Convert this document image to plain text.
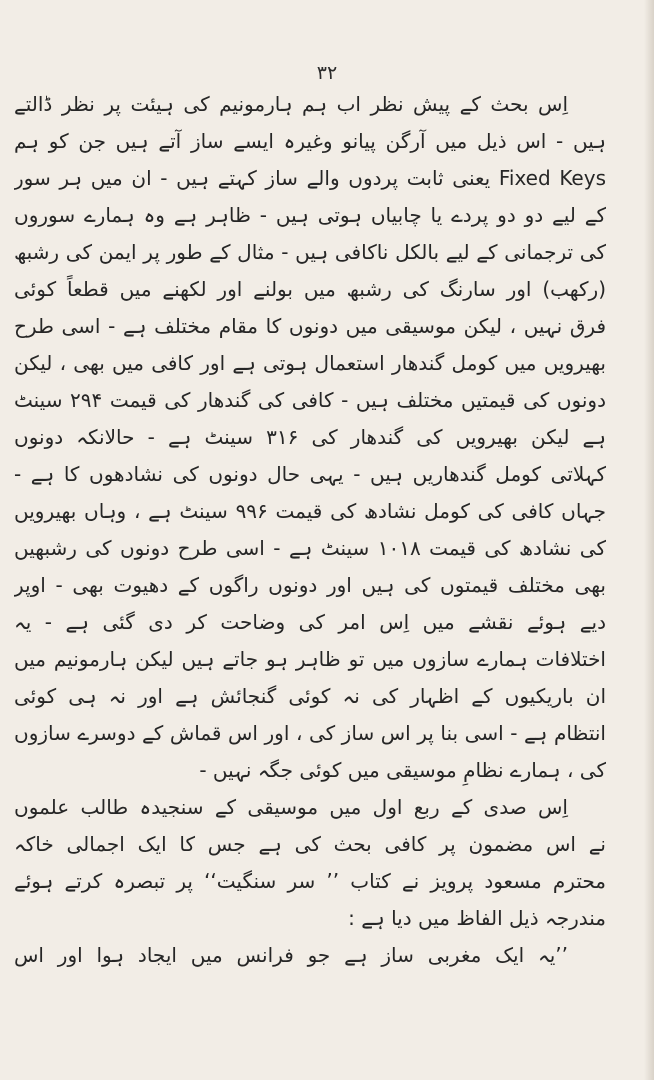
۳۲
اِس بحث کے پیش نظر اب ہم ہارمونیم کی ہیئت پر نظر ڈالتے
ہیں - اس ذیل میں آرگن پیانو وغیرہ ایسے ساز آتے ہیں جن کو ہم
Fixed Keys یعنی ثابت پردوں والے ساز کہتے ہیں - ان میں ہر سور
کے لیے دو دو پردے یا چابیاں ہوتی ہیں - ظاہر ہے وہ ہمارے سوروں
کی ترجمانی کے لیے بالکل ناکافی ہیں - مثال کے طور پر ایمن کی رشبھ
(رکھب) اور سارنگ کی رشبھ میں بولنے اور لکھنے میں قطعاً کوئی
فرق نہیں ، لیکن موسیقی میں دونوں کا مقام مختلف ہے - اسی طرح
بھیرویں میں کومل گندھار استعمال ہوتی ہے اور کافی میں بھی ، لیکن
دونوں کی قیمتیں مختلف ہیں - کافی کی گندھار کی قیمت ۲۹۴ سینٹ
ہے لیکن بھیرویں کی گندھار کی ۳۱۶ سینٹ ہے - حالانکہ دونوں
کہلاتی کومل گندھاریں ہیں - یہی حال دونوں کی نشادھوں کا ہے -
جہاں کافی کی کومل نشادھ کی قیمت ۹۹۶ سینٹ ہے ، وہاں بھیرویں
کی نشادھ کی قیمت ۱۰۱۸ سینٹ ہے - اسی طرح دونوں کی رشبھیں
بھی مختلف قیمتوں کی ہیں اور دونوں راگوں کے دھیوت بھی - اوپر
دیے ہوئے نقشے میں اِس امر کی وضاحت کر دی گئی ہے - یہ
اختلافات ہمارے سازوں میں تو ظاہر ہو جاتے ہیں لیکن ہارمونیم میں
ان باریکیوں کے اظہار کی نہ کوئی گنجائش ہے اور نہ ہی کوئی
انتظام ہے - اسی بنا پر اس ساز کی ، اور اس قماش کے دوسرے سازوں
کی ، ہمارے نظامِ موسیقی میں کوئی جگہ نہیں -
اِس صدی کے ربع اول میں موسیقی کے سنجیدہ طالب علموں
نے اس مضمون پر کافی بحث کی ہے جس کا ایک اجمالی خاکہ
محترم مسعود پرویز نے کتاب ’’ سر سنگیت‘‘ پر تبصرہ کرتے ہوئے
مندرجہ ذیل الفاظ میں دیا ہے :
’’یہ ایک مغربی ساز ہے جو فرانس میں ایجاد ہوا اور اس
